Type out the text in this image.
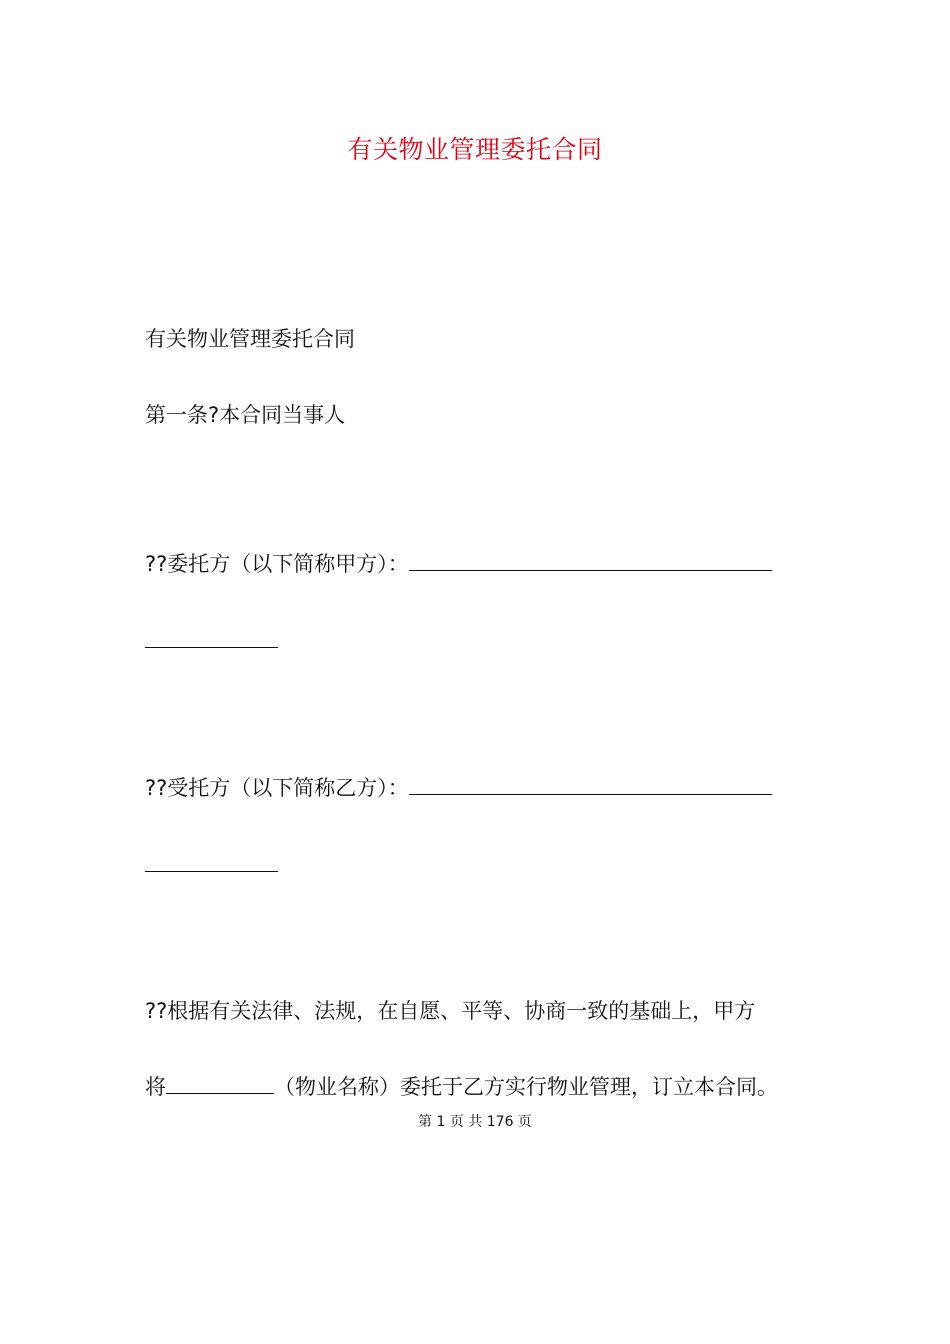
有关物业管理委托合同
有关物业管理委托合同
第一条?本合同当事人
??委托方（以下简称甲方）：
??受托方（以下简称乙方）：
??根据有关法律、法规，在自愿、平等、协商一致的基础上，甲方
将	（物业名称）委托于乙方实行物业管理，订立本合同。
第 1 页 共 176 页
